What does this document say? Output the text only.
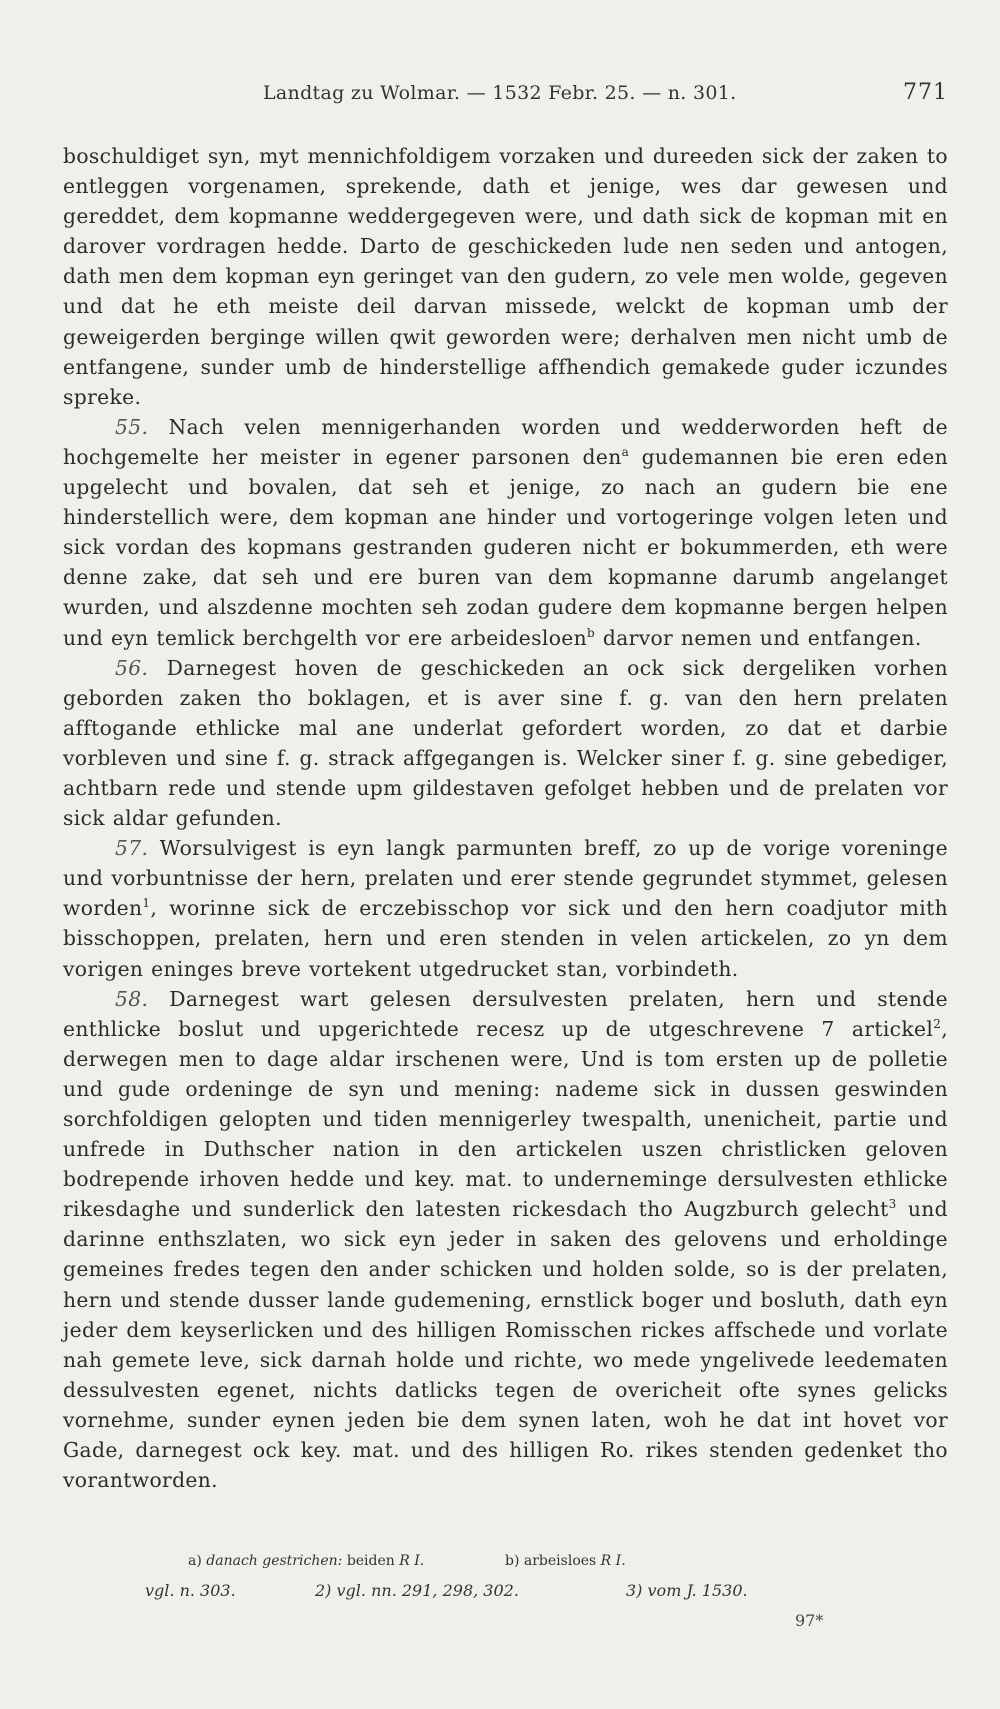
Landtag zu Wolmar. — 1532 Febr. 25. — n. 301.	771

boschuldiget syn, myt mennichfoldigem vorzaken und dureeden sick der zaken to entleggen vorgenamen, sprekende, dath et jenige, wes dar gewesen und gereddet, dem kopmanne weddergegeven were, und dath sick de kopman mit en darover vordragen hedde. Darto de geschickeden lude nen seden und antogen, dath men dem kopman eyn geringet van den gudern, zo vele men wolde, gegeven und dat he eth meiste deil darvan missede, welckt de kopman umb der geweigerden berginge willen qwit geworden were; derhalven men nicht umb de entfangene, sunder umb de hinderstellige affhendich gemakede guder iczundes spreke.

55. Nach velen mennigerhanden worden und wedderworden heft de hochgemelte her meister in egener parsonen den$^a$ gudemannen bie eren eden upgelecht und bovalen, dat seh et jenige, zo nach an gudern bie ene hinderstellich were, dem kopman ane hinder und vortogeringe volgen leten und sick vordan des kopmans gestranden guderen nicht er bokummerden, eth were denne zake, dat seh und ere buren van dem kopmanne darumb angelanget wurden, und alszdenne mochten seh zodan gudere dem kopmanne bergen helpen und eyn temlick berchgelth vor ere arbeidesloen$^b$ darvor nemen und entfangen.

56. Darnegest hoven de geschickeden an ock sick dergeliken vorhen geborden zaken tho boklagen, et is aver sine f. g. van den hern prelaten afftogande ethlicke mal ane underlat gefordert worden, zo dat et darbie vorbleven und sine f. g. strack affgegangen is. Welcker siner f. g. sine gebediger, achtbarn rede und stende upm gildestaven gefolget hebben und de prelaten vor sick aldar gefunden.

57. Worsulvigest is eyn langk parmunten breff, zo up de vorige voreninge und vorbuntnisse der hern, prelaten und erer stende gegrundet stymmet, gelesen worden$^1$, worinne sick de erczebisschop vor sick und den hern coadjutor mith bisschoppen, prelaten, hern und eren stenden in velen artickelen, zo yn dem vorigen eninges breve vortekent utgedrucket stan, vorbindeth.

58. Darnegest wart gelesen dersulvesten prelaten, hern und stende enthlicke boslut und upgerichtede recesz up de utgeschrevene 7 artickel$^2$, derwegen men to dage aldar irschenen were, Und is tom ersten up de polletie und gude ordeninge de syn und mening: nademe sick in dussen geswinden sorchfoldigen gelopten und tiden mennigerley twespalth, unenicheit, partie und unfrede in Duthscher nation in den artickelen uszen christlicken geloven bodrepende irhoven hedde und key. mat. to underneminge dersulvesten ethlicke rikesdaghe und sunderlick den latesten rickesdach tho Augzburch gelecht$^3$ und darinne enthszlaten, wo sick eyn jeder in saken des gelovens und erholdinge gemeines fredes tegen den ander schicken und holden solde, so is der prelaten, hern und stende dusser lande gudemening, ernstlick boger und bosluth, dath eyn jeder dem keyserlicken und des hilligen Romisschen rickes affschede und vorlate nah gemete leve, sick darnah holde und richte, wo mede yngelivede leedematen dessulvesten egenet, nichts datlicks tegen de overicheit ofte synes gelicks vornehme, sunder eynen jeden bie dem synen laten, woh he dat int hovet vor Gade, darnegest ock key. mat. und des hilligen Ro. rikes stenden gedenket tho vorantworden.

a) danach gestrichen: beiden R I.	b) arbeisloes R I.
vgl. n. 303.	2) vgl. nn. 291, 298, 302.	3) vom J. 1530.
97*
